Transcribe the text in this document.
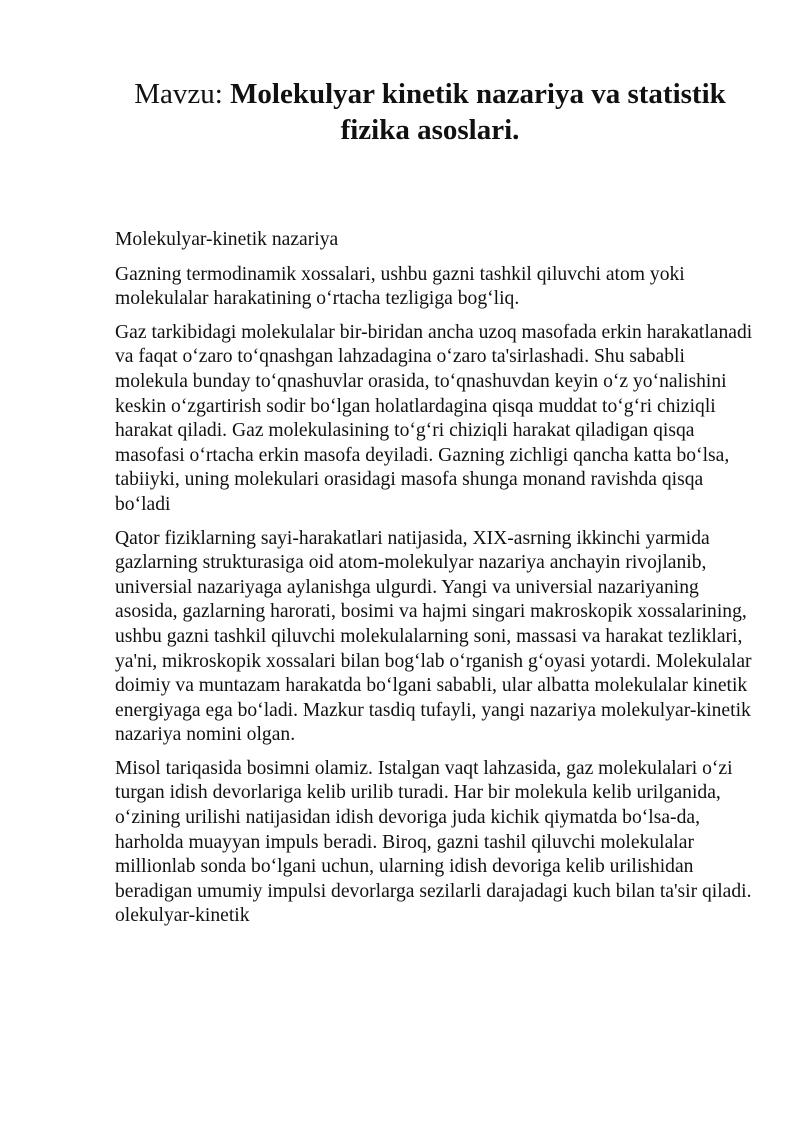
Mavzu: Molekulyar kinetik nazariya va statistik fizika asoslari.

Molekulyar-kinetik nazariya

Gazning termodinamik xossalari, ushbu gazni tashkil qiluvchi atom yoki molekulalar harakatining o‘rtacha tezligiga bog‘liq.

Gaz tarkibidagi molekulalar bir-biridan ancha uzoq masofada erkin harakatlanadi va faqat o‘zaro to‘qnashgan lahzadagina o‘zaro ta'sirlashadi. Shu sababli molekula bunday to‘qnashuvlar orasida, to‘qnashuvdan keyin o‘z yo‘nalishini keskin o‘zgartirish sodir bo‘lgan holatlardagina qisqa muddat to‘g‘ri chiziqli harakat qiladi. Gaz molekulasining to‘g‘ri chiziqli harakat qiladigan qisqa masofasi o‘rtacha erkin masofa deyiladi. Gazning zichligi qancha katta bo‘lsa, tabiiyki, uning molekulari orasidagi masofa shunga monand ravishda qisqa bo‘ladi

Qator fiziklarning sayi-harakatlari natijasida, XIX-asrning ikkinchi yarmida gazlarning strukturasiga oid atom-molekulyar nazariya anchayin rivojlanib, universial nazariyaga aylanishga ulgurdi. Yangi va universial nazariyaning asosida, gazlarning harorati, bosimi va hajmi singari makroskopik xossalarining, ushbu gazni tashkil qiluvchi molekulalarning soni, massasi va harakat tezliklari, ya'ni, mikroskopik xossalari bilan bog‘lab o‘rganish g‘oyasi yotardi. Molekulalar doimiy va muntazam harakatda bo‘lgani sababli, ular albatta molekulalar kinetik energiyaga ega bo‘ladi. Mazkur tasdiq tufayli, yangi nazariya molekulyar-kinetik nazariya nomini olgan.

Misol tariqasida bosimni olamiz. Istalgan vaqt lahzasida, gaz molekulalari o‘zi turgan idish devorlariga kelib urilib turadi. Har bir molekula kelib urilganida, o‘zining urilishi natijasidan idish devoriga juda kichik qiymatda bo‘lsa-da, harholda muayyan impuls beradi. Biroq, gazni tashil qiluvchi molekulalar millionlab sonda bo‘lgani uchun, ularning idish devoriga kelib urilishidan beradigan umumiy impulsi devorlarga sezilarli darajadagi kuch bilan ta'sir qiladi. olekulyar-kinetik
